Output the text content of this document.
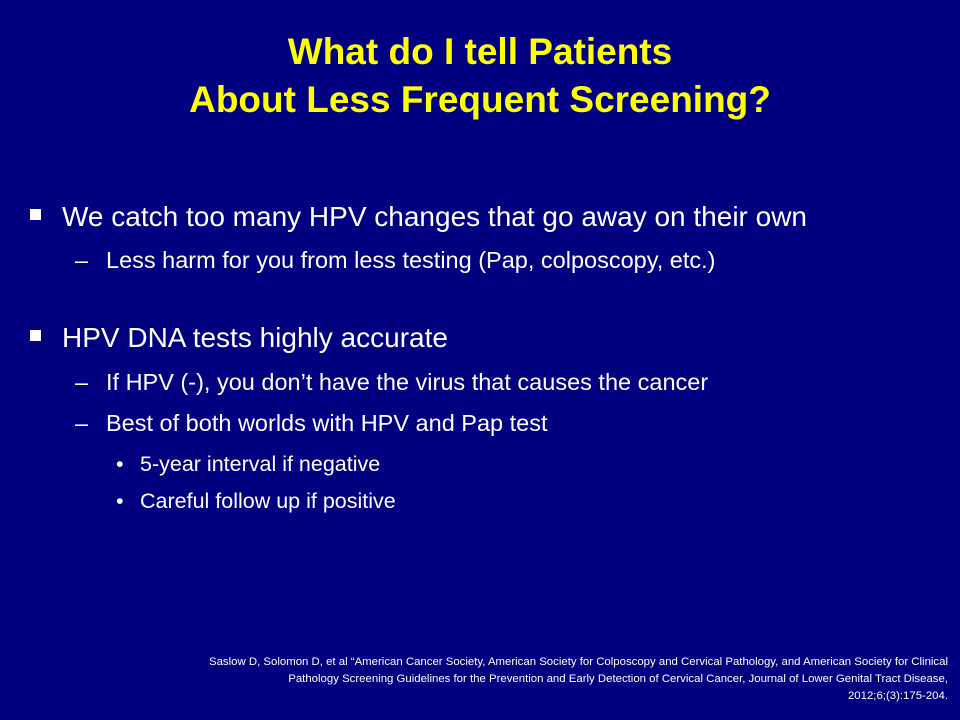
What do I tell Patients
About Less Frequent Screening?
We catch too many HPV changes that go away on their own
– Less harm for you from less testing (Pap, colposcopy, etc.)
HPV DNA tests highly accurate
– If HPV (-), you don’t have the virus that causes the cancer
– Best of both worlds with HPV and Pap test
• 5-year interval if negative
• Careful follow up if positive
Saslow D, Solomon D, et al “American Cancer Society, American Society for Colposcopy and Cervical Pathology, and American Society for Clinical
Pathology Screening Guidelines for the Prevention and Early Detection of Cervical Cancer, Journal of Lower Genital Tract Disease,
2012;6;(3):175-204.
